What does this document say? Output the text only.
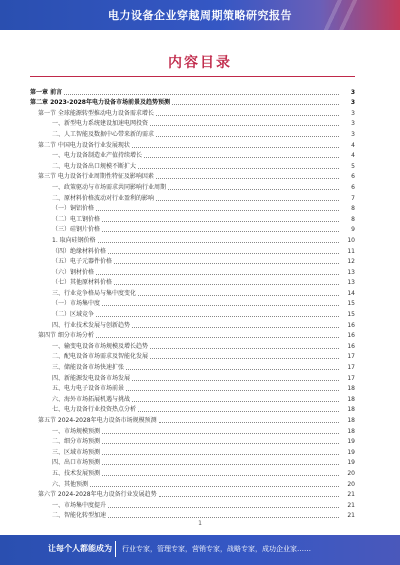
电力设备企业穿越周期策略研究报告
内容目录
第一章 前言	3
第二章 2023-2028年电力设备市场前景及趋势预测	3
第一节 全球能源转型推动电力设备需求增长	3
一、新型电力系统建设加速电网投资	3
二、人工智能及数据中心带来新的需求	3
第二节 中国电力设备行业发展现状	4
一、电力设备制造业产值持续增长	4
二、电力设备出口规模不断扩大	5
第三节 电力设备行业周期性特征及影响因素	6
一、政策驱动与市场需求共同影响行业周期	6
二、原材料价格波动对行业盈利的影响	7
（一）铜铝价格	8
（二）电工钢价格	8
（三）硅钢片价格	9
1. 取向硅钢价格	10
（四）绝缘材料价格	11
（五）电子元器件价格	12
（六）钢材价格	13
（七）其他原材料价格	13
三、行业竞争格局与集中度变化	14
（一）市场集中度	15
（二）区域竞争	15
四、行业技术发展与创新趋势	16
第四节 细分市场分析	16
一、输变电设备市场规模及增长趋势	16
二、配电设备市场需求及智能化发展	17
三、储能设备市场快速扩张	17
四、新能源发电设备市场发展	17
五、电力电子设备市场前景	18
六、海外市场拓展机遇与挑战	18
七、电力设备行业投资热点分析	18
第五节 2024-2028年电力设备市场规模预测	18
一、市场规模预测	18
二、细分市场预测	19
三、区域市场预测	19
四、出口市场预测	19
五、技术发展预测	20
六、其他预测	20
第六节 2024-2028年电力设备行业发展趋势	21
一、市场集中度提升	21
二、智能化转型加速	21
1
让每个人都能成为 行业专家，管理专家，营销专家，战略专家，成功企业家……
